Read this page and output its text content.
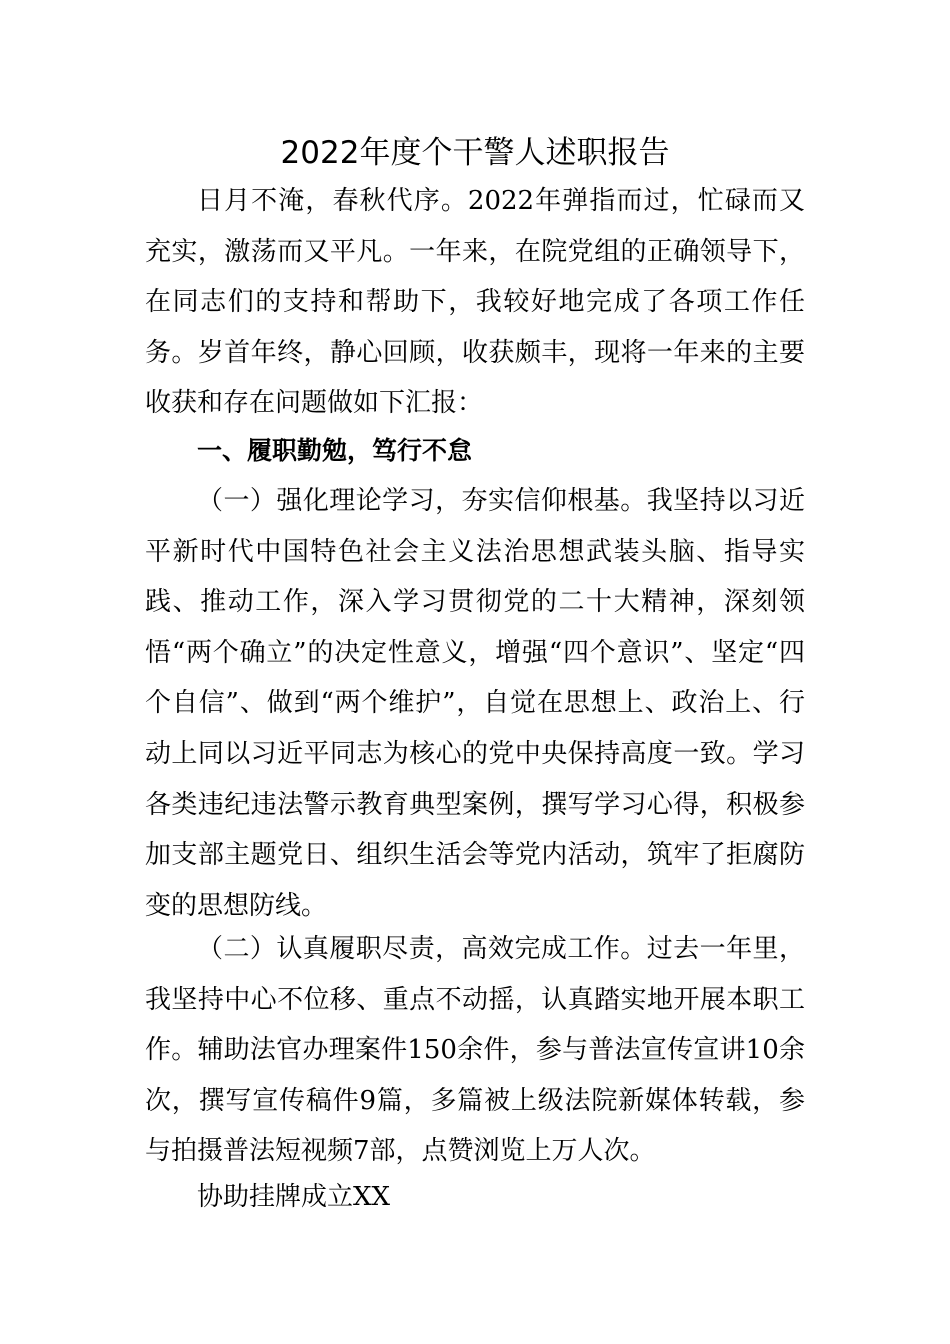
2022年度个干警人述职报告

日月不淹，春秋代序。2022年弹指而过，忙碌而又充实，激荡而又平凡。一年来，在院党组的正确领导下，在同志们的支持和帮助下，我较好地完成了各项工作任务。岁首年终，静心回顾，收获颇丰，现将一年来的主要收获和存在问题做如下汇报：

一、履职勤勉，笃行不怠

（一）强化理论学习，夯实信仰根基。我坚持以习近平新时代中国特色社会主义法治思想武装头脑、指导实践、推动工作，深入学习贯彻党的二十大精神，深刻领悟“两个确立”的决定性意义，增强“四个意识”、坚定“四个自信”、做到“两个维护”，自觉在思想上、政治上、行动上同以习近平同志为核心的党中央保持高度一致。学习各类违纪违法警示教育典型案例，撰写学习心得，积极参加支部主题党日、组织生活会等党内活动，筑牢了拒腐防变的思想防线。

（二）认真履职尽责，高效完成工作。过去一年里，我坚持中心不位移、重点不动摇，认真踏实地开展本职工作。辅助法官办理案件150余件，参与普法宣传宣讲10余次，撰写宣传稿件9篇，多篇被上级法院新媒体转载，参与拍摄普法短视频7部，点赞浏览上万人次。

协助挂牌成立XX
